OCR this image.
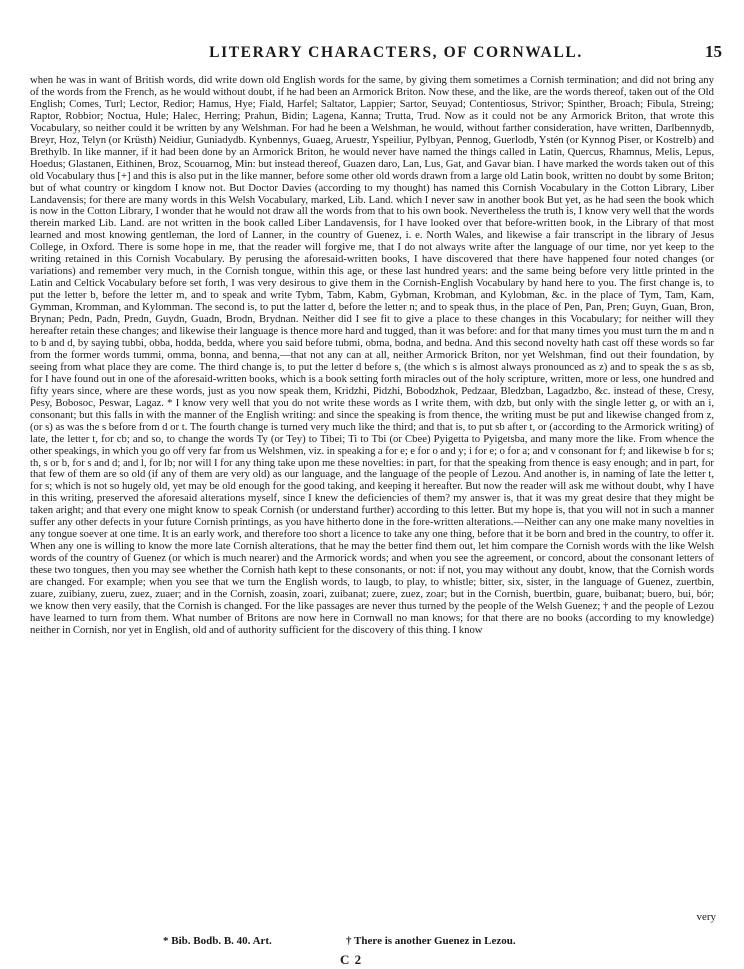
LITERARY CHARACTERS, OF CORNWALL.	15

when he was in want of British words, did write down old English words for the same, by giving them sometimes a Cornish termination; and did not bring any of the words from the French, as he would without doubt, if he had been an Armorick Briton. Now these, and the like, are the words thereof, taken out of the Old English; Comes, Turl; Lector, Redior; Hamus, Hye; Fiald, Harfel; Saltator, Lappier; Sartor, Seuyad; Contentiosus, Strivor; Spinther, Broach; Fibula, Streing; Raptor, Robbior; Noctua, Hule; Halec, Herring; Prahun, Bidin; Lagena, Kanna; Trutta, Trud. Now as it could not be any Armorick Briton, that wrote this Vocabulary, so neither could it be written by any Welshman. For had he been a Welshman, he would, without farther consideration, have written, Darlbennydb, Breyr, Hoz, Telyn (or Krüsth) Neidiur, Guniadydb. Kynbennys, Guaeg, Aruestr, Yspeiliur, Pylbyan, Pennog, Guerlodb, Ystén (or Kynnog Piser, or Kostrelb) and Brethylb. In like manner, if it had been done by an Armorick Briton, he would never have named the things called in Latin, Quercus, Rhamnus, Melis, Lepus, Hoedus; Glastanen, Eithinen, Broz, Scouarnog, Min: but instead thereof, Guazen daro, Lan, Lus, Gat, and Gavar bian. I have marked the words taken out of this old Vocabulary thus [+] and this is also put in the like manner, before some other old words drawn from a large old Latin book, written no doubt by some Briton; but of what country or kingdom I know not. But Doctor Davies (according to my thought) has named this Cornish Vocabulary in the Cotton Library, Liber Landavensis; for there are many words in this Welsh Vocabulary, marked, Lib. Land. which I never saw in another book But yet, as he had seen the book which is now in the Cotton Library, I wonder that he would not draw all the words from that to his own book. Nevertheless the truth is, I know very well that the words therein marked Lib. Land. are not written in the book called Liber Landavensis, for I have looked over that before-written book, in the Library of that most learned and most knowing gentleman, the lord of Lanner, in the country of Guenez, i. e. North Wales, and likewise a fair transcript in the library of Jesus College, in Oxford. There is some hope in me, that the reader will forgive me, that I do not always write after the language of our time, nor yet keep to the writing retained in this Cornish Vocabulary. By perusing the aforesaid-written books, I have discovered that there have happened four noted changes (or variations) and remember very much, in the Cornish tongue, within this age, or these last hundred years: and the same being before very little printed in the Latin and Celtick Vocabulary before set forth, I was very desirous to give them in the Cornish-English Vocabulary by hand here to you. The first change is, to put the letter b, before the letter m, and to speak and write Tybm, Tabm, Kabm, Gybman, Krobman, and Kylobman, &c. in the place of Tym, Tam, Kam, Gymman, Kromman, and Kylomman. The second is, to put the latter d, before the letter n; and to speak thus, in the place of Pen, Pan, Pren; Guyn, Guan, Bron, Brynan; Pedn, Padn, Predn, Guydn, Guadn, Brodn, Brydnan. Neither did I see fit to give a place to these changes in this Vocabulary; for neither will they hereafter retain these changes; and likewise their language is thence more hard and tugged, than it was before: and for that many times you must turn the m and n to b and d, by saying tubbi, obba, hodda, bedda, where you said before tubmi, obma, bodna, and bedna. And this second novelty hath cast off these words so far from the former words tummi, omma, bonna, and benna,—that not any can at all, neither Armorick Briton, nor yet Welshman, find out their foundation, by seeing from what place they are come. The third change is, to put the letter d before s, (the which s is almost always pronounced as z) and to speak the s as sb, for I have found out in one of the aforesaid-written books, which is a book setting forth miracles out of the holy scripture, written, more or less, one hundred and fifty years since, where are these words, just as you now speak them, Kridzhi, Pidzhi, Bobodzhok, Pedzaar, Bledzban, Lagadzbo, &c. instead of these, Cresy, Pesy, Bobosoc, Peswar, Lagaz. * I know very well that you do not write these words as I write them, with dzb, but only with the single letter g, or with an i, consonant; but this falls in with the manner of the English writing: and since the speaking is from thence, the writing must be put and likewise changed from z, (or s) as was the s before from d or t. The fourth change is turned very much like the third; and that is, to put sb after t, or (according to the Armorick writing) of late, the letter t, for cb; and so, to change the words Ty (or Tey) to Tibei; Ti to Tbi (or Cbee) Pyigetta to Pyigetsba, and many more the like. From whence the other speakings, in which you go off very far from us Welshmen, viz. in speaking a for e; e for o and y; i for e; o for a; and v consonant for f; and likewise b for s; th, s or b, for s and d; and l, for lb; nor will I for any thing take upon me these novelties: in part, for that the speaking from thence is easy enough; and in part, for that few of them are so old (if any of them are very old) as our language, and the language of the people of Lezou. And another is, in naming of late the letter t, for s; which is not so hugely old, yet may be old enough for the good taking, and keeping it hereafter. But now the reader will ask me without doubt, why I have in this writing, preserved the aforesaid alterations myself, since I knew the deficiencies of them? my answer is, that it was my great desire that they might be taken aright; and that every one might know to speak Cornish (or understand further) according to this letter. But my hope is, that you will not in such a manner suffer any other defects in your future Cornish printings, as you have hitherto done in the fore-written alterations.—Neither can any one make many novelties in any tongue soever at one time. It is an early work, and therefore too short a licence to take any one thing, before that it be born and bred in the country, to offer it. When any one is willing to know the more late Cornish alterations, that he may the better find them out, let him compare the Cornish words with the like Welsh words of the country of Guenez (or which is much nearer) and the Armorick words; and when you see the agreement, or concord, about the consonant letters of these two tongues, then you may see whether the Cornish hath kept to these consonants, or not: if not, you may without any doubt, know, that the Cornish words are changed. For example; when you see that we turn the English words, to laugb, to play, to whistle; bitter, six, sister, in the language of Guenez, zuertbin, zuare, zuibiany, zueru, zuez, zuaer; and in the Cornish, zoasin, zoari, zuibanat; zuere, zuez, zoar; but in the Cornish, buertbin, guare, buibanat; buero, bui, bór; we know then very easily, that the Cornish is changed. For the like passages are never thus turned by the people of the Welsh Guenez; † and the people of Lezou have learned to turn from them. What number of Britons are now here in Cornwall no man knows; for that there are no books (according to my knowledge) neither in Cornish, nor yet in English, old and of authority sufficient for the discovery of this thing. I know

very
* Bib. Bodb. B. 40. Art.	† There is another Guenez in Lezou.
C 2
